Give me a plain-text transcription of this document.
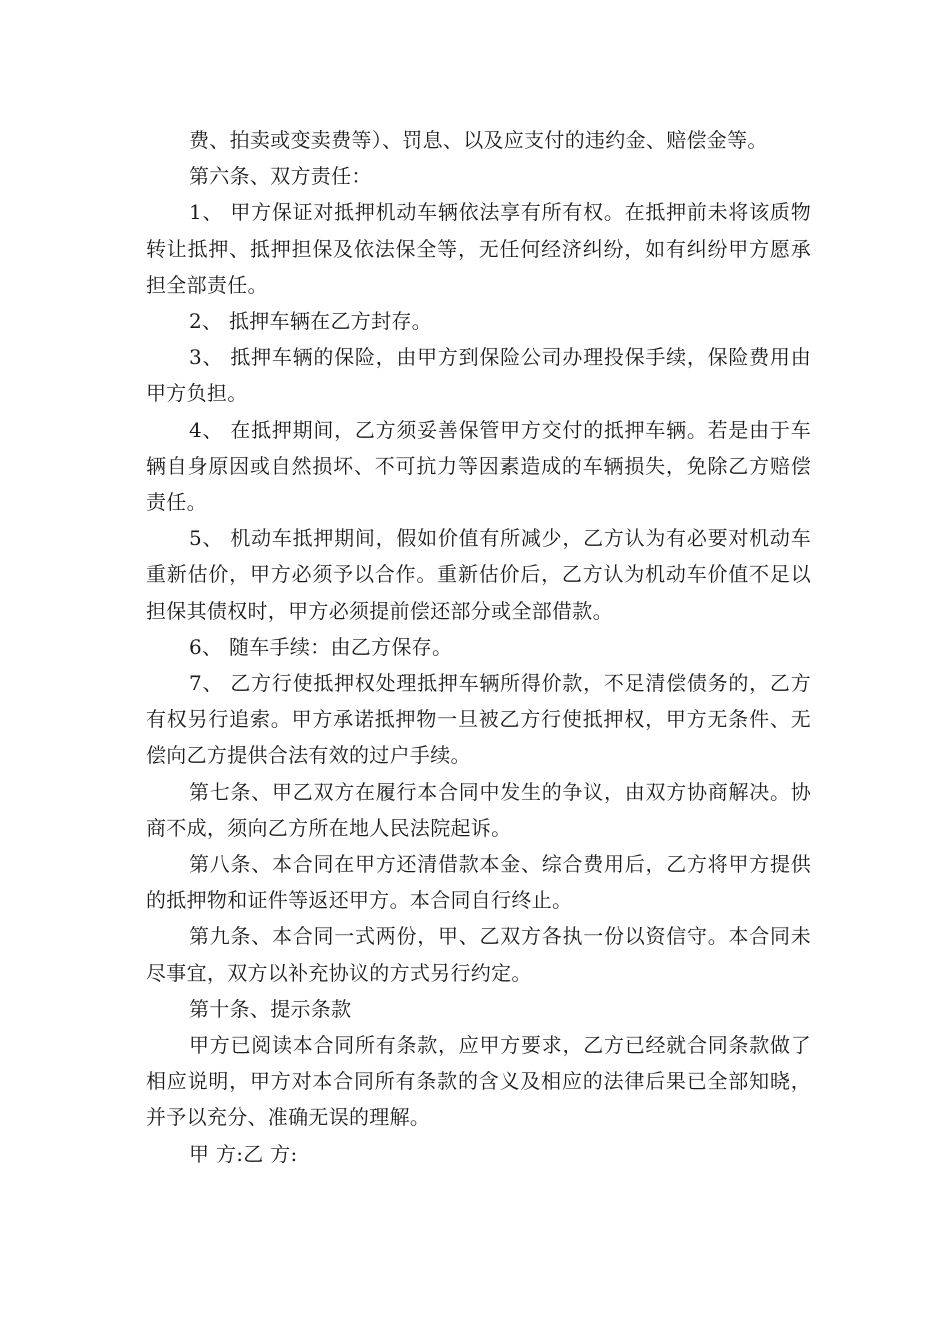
费、拍卖或变卖费等）、罚息、以及应支付的违约金、赔偿金等。

第六条、双方责任：

1、 甲方保证对抵押机动车辆依法享有所有权。在抵押前未将该质物转让抵押、抵押担保及依法保全等，无任何经济纠纷，如有纠纷甲方愿承担全部责任。

2、 抵押车辆在乙方封存。

3、 抵押车辆的保险，由甲方到保险公司办理投保手续，保险费用由甲方负担。

4、 在抵押期间，乙方须妥善保管甲方交付的抵押车辆。若是由于车辆自身原因或自然损坏、不可抗力等因素造成的车辆损失，免除乙方赔偿责任。

5、 机动车抵押期间，假如价值有所减少，乙方认为有必要对机动车重新估价，甲方必须予以合作。重新估价后，乙方认为机动车价值不足以担保其债权时，甲方必须提前偿还部分或全部借款。

6、 随车手续：由乙方保存。

7、 乙方行使抵押权处理抵押车辆所得价款，不足清偿债务的，乙方有权另行追索。甲方承诺抵押物一旦被乙方行使抵押权，甲方无条件、无偿向乙方提供合法有效的过户手续。

第七条、甲乙双方在履行本合同中发生的争议，由双方协商解决。协商不成，须向乙方所在地人民法院起诉。

第八条、本合同在甲方还清借款本金、综合费用后，乙方将甲方提供的抵押物和证件等返还甲方。本合同自行终止。

第九条、本合同一式两份，甲、乙双方各执一份以资信守。本合同未尽事宜，双方以补充协议的方式另行约定。

第十条、提示条款

甲方已阅读本合同所有条款，应甲方要求，乙方已经就合同条款做了相应说明，甲方对本合同所有条款的含义及相应的法律后果已全部知晓，并予以充分、准确无误的理解。

甲 方:乙 方:
